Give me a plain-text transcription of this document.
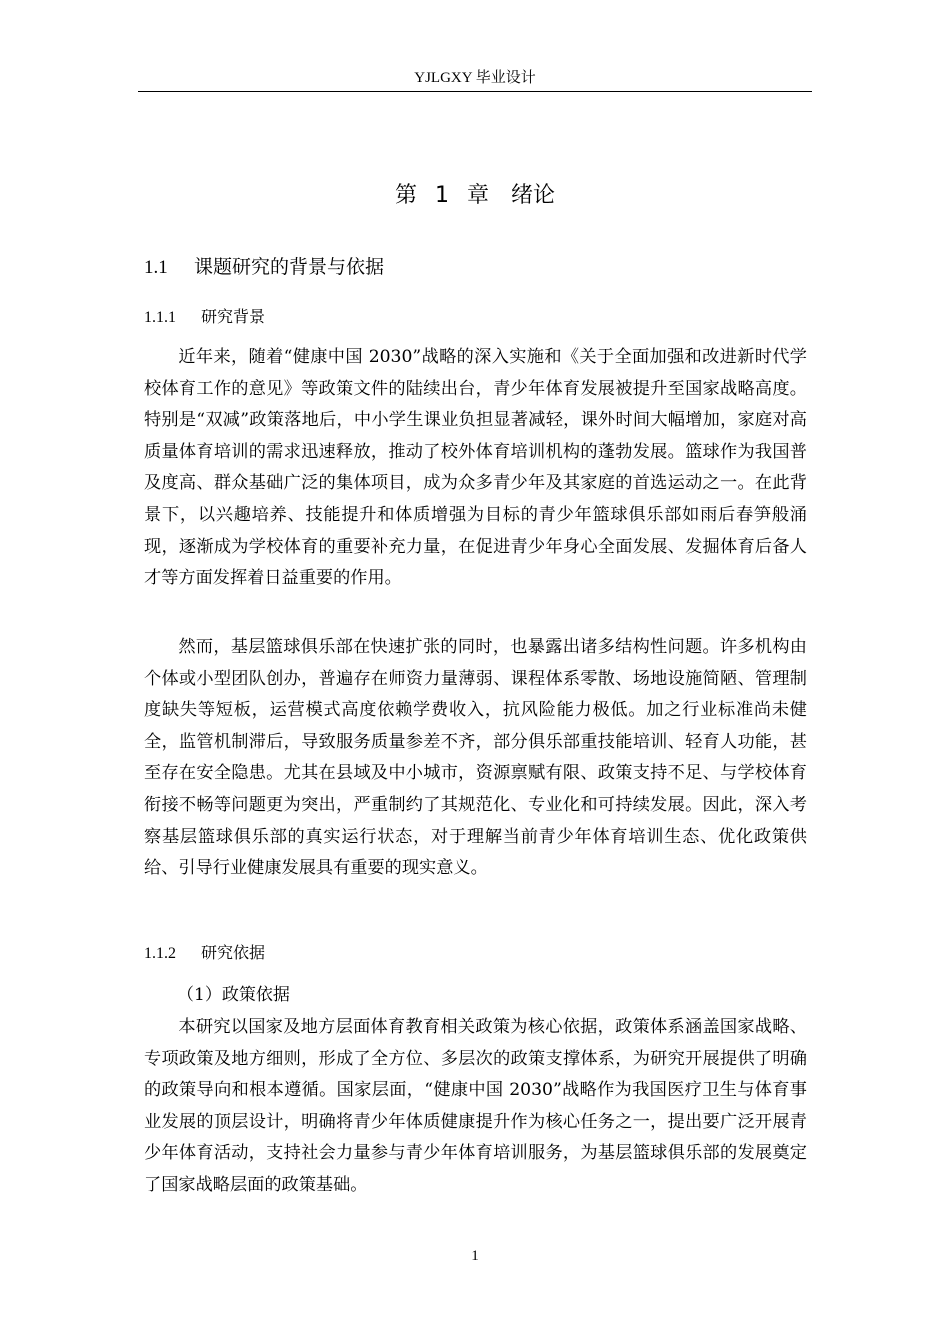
YJLGXY 毕业设计
第 1 章　绪论
1.1 课题研究的背景与依据
1.1.1 研究背景

近年来，随着“健康中国 2030”战略的深入实施和《关于全面加强和改进新时代学校体育工作的意见》等政策文件的陆续出台，青少年体育发展被提升至国家战略高度。特别是“双减”政策落地后，中小学生课业负担显著减轻，课外时间大幅增加，家庭对高质量体育培训的需求迅速释放，推动了校外体育培训机构的蓬勃发展。篮球作为我国普及度高、群众基础广泛的集体项目，成为众多青少年及其家庭的首选运动之一。在此背景下，以兴趣培养、技能提升和体质增强为目标的青少年篮球俱乐部如雨后春笋般涌现，逐渐成为学校体育的重要补充力量，在促进青少年身心全面发展、发掘体育后备人才等方面发挥着日益重要的作用。

然而，基层篮球俱乐部在快速扩张的同时，也暴露出诸多结构性问题。许多机构由个体或小型团队创办，普遍存在师资力量薄弱、课程体系零散、场地设施简陋、管理制度缺失等短板，运营模式高度依赖学费收入，抗风险能力极低。加之行业标准尚未健全，监管机制滞后，导致服务质量参差不齐，部分俱乐部重技能培训、轻育人功能，甚至存在安全隐患。尤其在县域及中小城市，资源禀赋有限、政策支持不足、与学校体育衔接不畅等问题更为突出，严重制约了其规范化、专业化和可持续发展。因此，深入考察基层篮球俱乐部的真实运行状态，对于理解当前青少年体育培训生态、优化政策供给、引导行业健康发展具有重要的现实意义。

1.1.2 研究依据
（1）政策依据

本研究以国家及地方层面体育教育相关政策为核心依据，政策体系涵盖国家战略、专项政策及地方细则，形成了全方位、多层次的政策支撑体系，为研究开展提供了明确的政策导向和根本遵循。国家层面，“健康中国 2030”战略作为我国医疗卫生与体育事业发展的顶层设计，明确将青少年体质健康提升作为核心任务之一，提出要广泛开展青少年体育活动，支持社会力量参与青少年体育培训服务，为基层篮球俱乐部的发展奠定了国家战略层面的政策基础。

1
